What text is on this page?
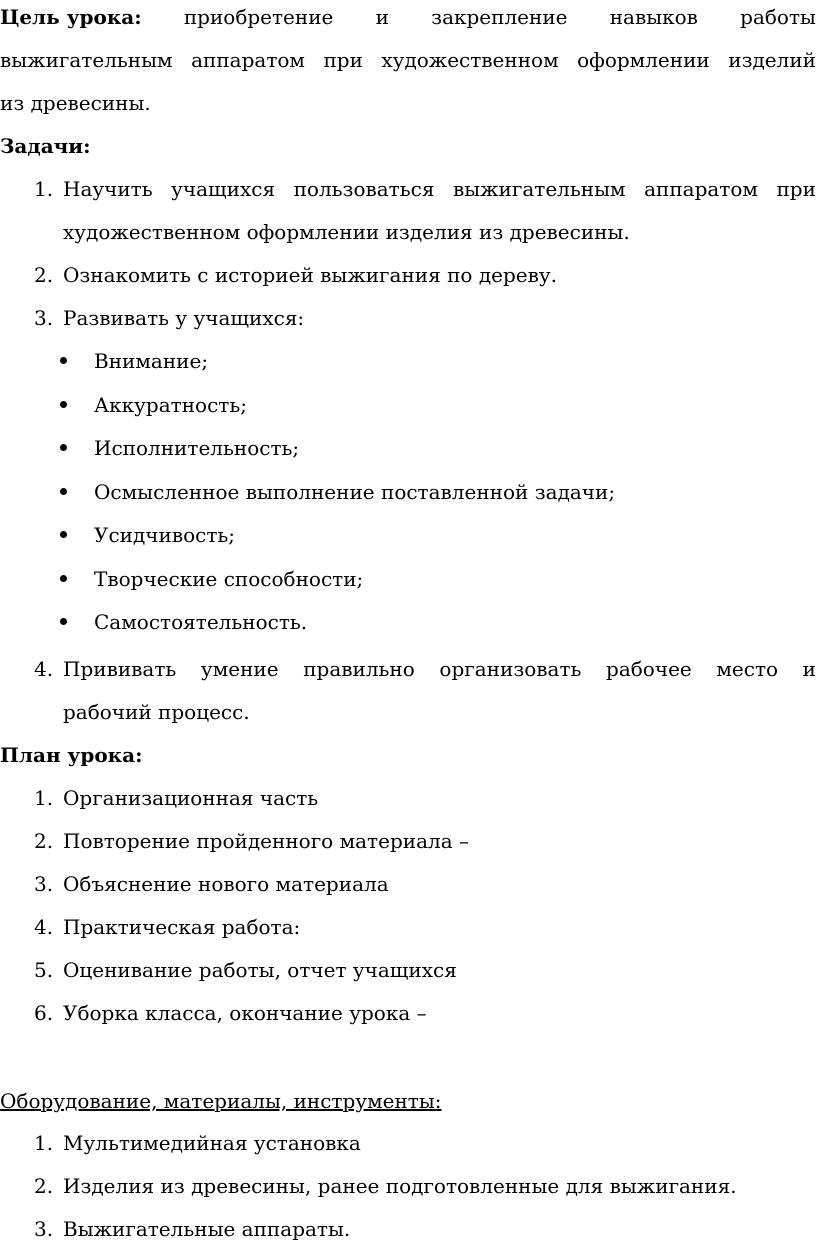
Цель урока: приобретение и закрепление навыков работы
выжигательным аппаратом при художественном оформлении изделий
из древесины.
Задачи:
1. Научить учащихся пользоваться выжигательным аппаратом при
художественном оформлении изделия из древесины.
2. Ознакомить с историей выжигания по дереву.
3. Развивать у учащихся:
Внимание;
Аккуратность;
Исполнительность;
Осмысленное выполнение поставленной задачи;
Усидчивость;
Творческие способности;
Самостоятельность.
4. Прививать умение правильно организовать рабочее место и
рабочий процесс.
План урока:
1. Организационная часть
2. Повторение пройденного материала –
3. Объяснение нового материала
4. Практическая работа:
5. Оценивание работы, отчет учащихся
6. Уборка класса, окончание урока –
Оборудование, материалы, инструменты:
1. Мультимедийная установка
2. Изделия из древесины, ранее подготовленные для выжигания.
3. Выжигательные аппараты.
